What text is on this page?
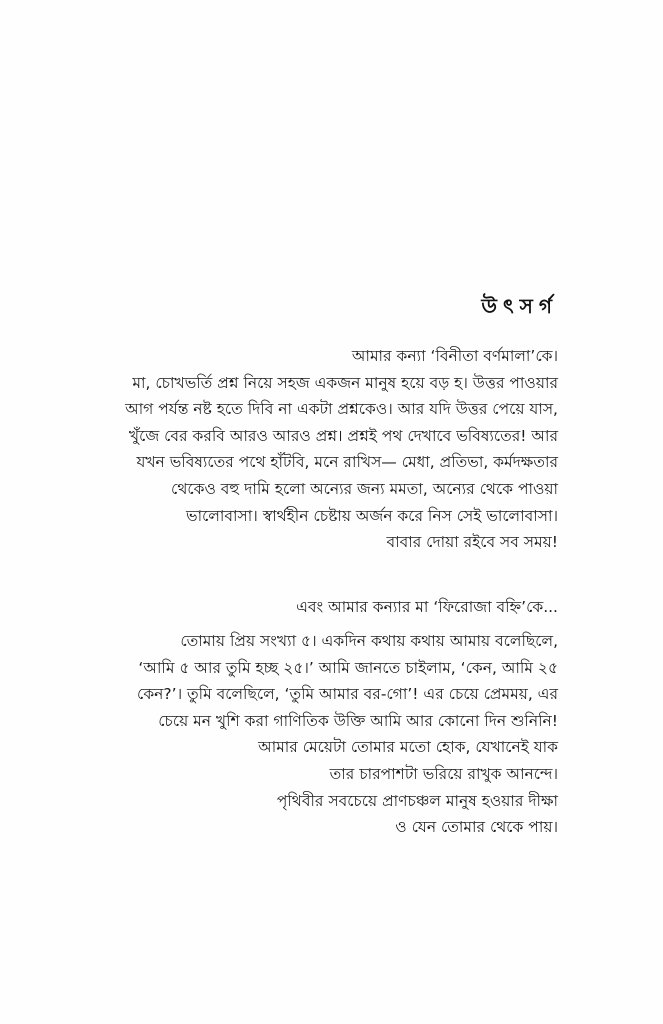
উৎসর্গ
আমার কন্যা ‘বিনীতা বর্ণমালা’কে।
মা, চোখভর্তি প্রশ্ন নিয়ে সহজ একজন মানুষ হয়ে বড় হ। উত্তর পাওয়ার
আগ পর্যন্ত নষ্ট হতে দিবি না একটা প্রশ্নকেও। আর যদি উত্তর পেয়ে যাস,
খুঁজে বের করবি আরও আরও প্রশ্ন। প্রশ্নই পথ দেখাবে ভবিষ্যতের! আর
যখন ভবিষ্যতের পথে হাঁটবি, মনে রাখিস— মেধা, প্রতিভা, কর্মদক্ষতার
থেকেও বহু দামি হলো অন্যের জন্য মমতা, অন্যের থেকে পাওয়া
ভালোবাসা। স্বার্থহীন চেষ্টায় অর্জন করে নিস সেই ভালোবাসা।
বাবার দোয়া রইবে সব সময়!
এবং আমার কন্যার মা ‘ফিরোজা বহ্নি’কে...
তোমায় প্রিয় সংখ্যা ৫। একদিন কথায় কথায় আমায় বলেছিলে,
‘আমি ৫ আর তুমি হচ্ছ ২৫।’ আমি জানতে চাইলাম, ‘কেন, আমি ২৫
কেন?’। তুমি বলেছিলে, ‘তুমি আমার বর-গো’! এর চেয়ে প্রেমময়, এর
চেয়ে মন খুশি করা গাণিতিক উক্তি আমি আর কোনো দিন শুনিনি!
আমার মেয়েটা তোমার মতো হোক, যেখানেই যাক
তার চারপাশটা ভরিয়ে রাখুক আনন্দে।
পৃথিবীর সবচেয়ে প্রাণচঞ্চল মানুষ হওয়ার দীক্ষা
ও যেন তোমার থেকে পায়।
